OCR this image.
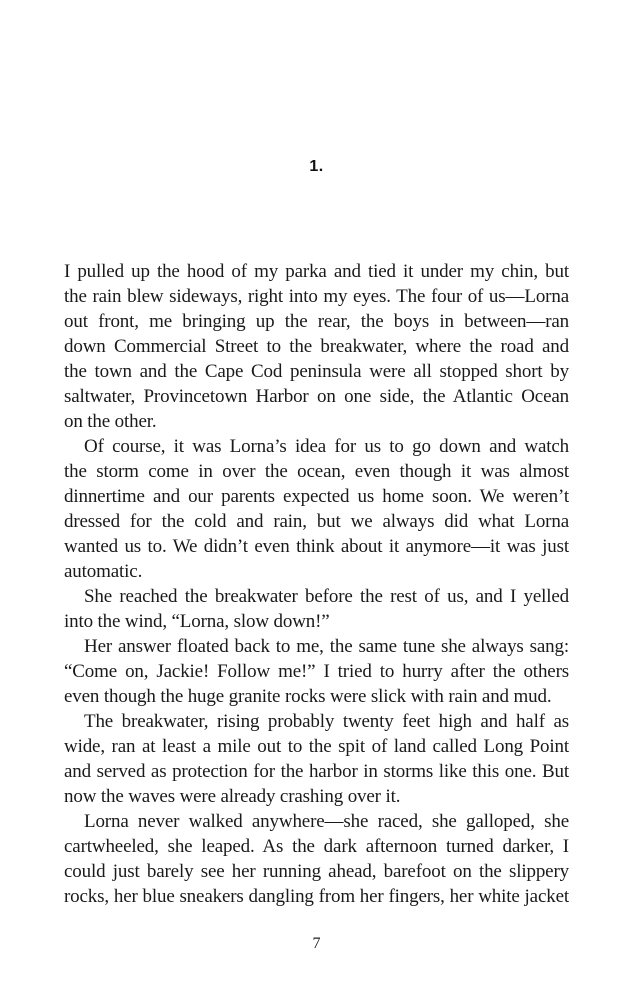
1.
I pulled up the hood of my parka and tied it under my chin, but
the rain blew sideways, right into my eyes. The four of us—Lorna
out front, me bringing up the rear, the boys in between—ran
down Commercial Street to the breakwater, where the road and
the town and the Cape Cod peninsula were all stopped short by
saltwater, Provincetown Harbor on one side, the Atlantic Ocean
on the other.
Of course, it was Lorna’s idea for us to go down and watch
the storm come in over the ocean, even though it was almost
dinnertime and our parents expected us home soon. We weren’t
dressed for the cold and rain, but we always did what Lorna
wanted us to. We didn’t even think about it anymore—it was just
automatic.
She reached the breakwater before the rest of us, and I yelled
into the wind, “Lorna, slow down!”
Her answer floated back to me, the same tune she always sang:
“Come on, Jackie! Follow me!” I tried to hurry after the others
even though the huge granite rocks were slick with rain and mud.
The breakwater, rising probably twenty feet high and half as
wide, ran at least a mile out to the spit of land called Long Point
and served as protection for the harbor in storms like this one. But
now the waves were already crashing over it.
Lorna never walked anywhere—she raced, she galloped, she
cartwheeled, she leaped. As the dark afternoon turned darker, I
could just barely see her running ahead, barefoot on the slippery
rocks, her blue sneakers dangling from her fingers, her white jacket
7
